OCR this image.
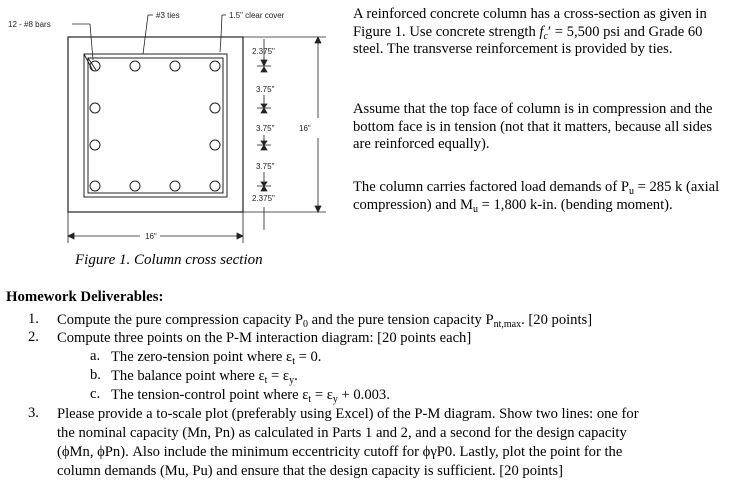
12 - #8 bars
#3 ties	1.5" clear cover
2.375"
3.75"
3.75"
3.75"
2.375"
16"
16"
Figure 1. Column cross section
A reinforced concrete column has a cross-section as given in Figure 1. Use concrete strength $f_c' = 5,500$ psi and Grade 60 steel. The transverse reinforcement is provided by ties.
Assume that the top face of column is in compression and the bottom face is in tension (not that it matters, because all sides are reinforced equally).
The column carries factored load demands of $P_u = 285$ k (axial compression) and $M_u = 1,800$ k-in. (bending moment).
Homework Deliverables:
1. Compute the pure compression capacity $P_0$ and the pure tension capacity $P_{nt,max}$. [20 points]
2. Compute three points on the P-M interaction diagram: [20 points each]
a. The zero-tension point where $\varepsilon_t = 0$.
b. The balance point where $\varepsilon_t = \varepsilon_y$.
c. The tension-control point where $\varepsilon_t = \varepsilon_y + 0.003$.
3. Please provide a to-scale plot (preferably using Excel) of the P-M diagram. Show two lines: one for
the nominal capacity (Mn, Pn) as calculated in Parts 1 and 2, and a second for the design capacity
(ϕMn, ϕPn). Also include the minimum eccentricity cutoff for ϕγP0. Lastly, plot the point for the
column demands (Mu, Pu) and ensure that the design capacity is sufficient. [20 points]
